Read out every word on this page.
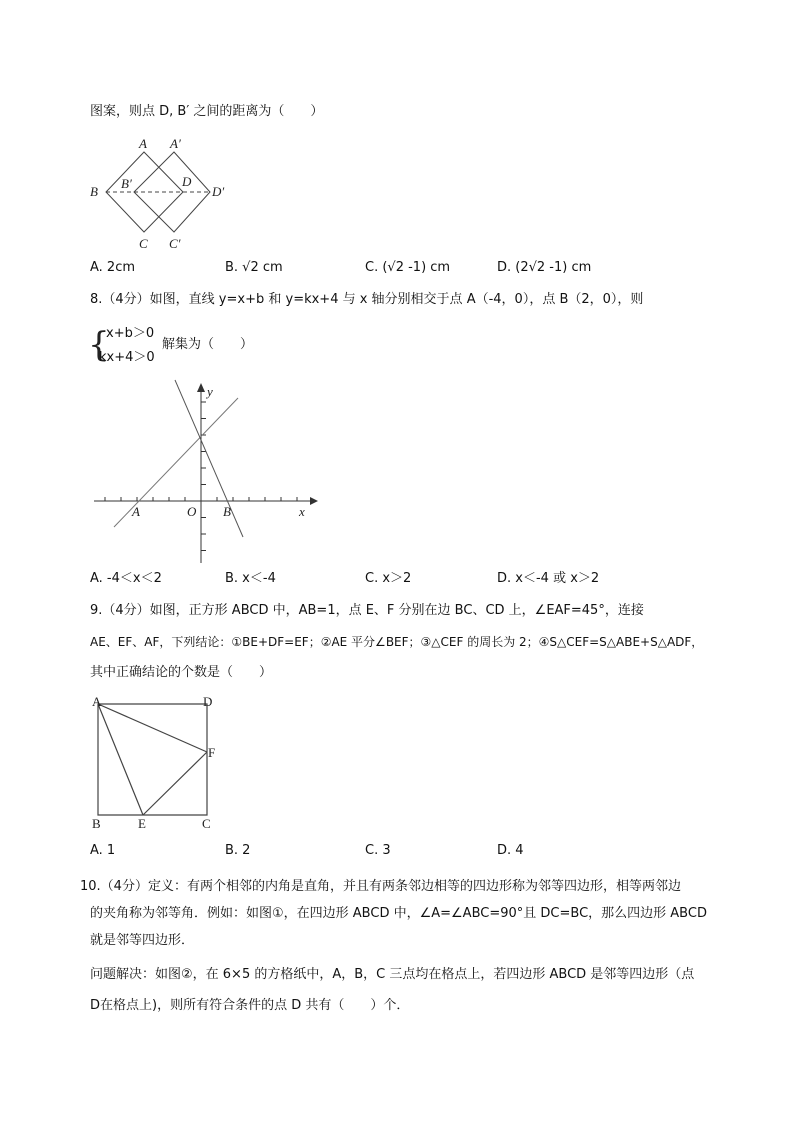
图案，则点 D, B′ 之间的距离为（　　）
A A′
B
B′	D
D′
C C′
A. 2cm	B. √2 cm	C. (√2 -1) cm	D. (2√2 -1) cm
8.（4分）如图，直线 y=x+b 和 y=kx+4 与 x 轴分别相交于点 A（-4，0），点 B（2，0），则
{
x+b＞0
kx+4＞0
解集为（　　）
y
x
O
A	B
A. -4＜x＜2	B. x＜-4	C. x＞2	D. x＜-4 或 x＞2
9.（4分）如图，正方形 ABCD 中，AB=1，点 E、F 分别在边 BC、CD 上，∠EAF=45°，连接
AE、EF、AF，下列结论：①BE+DF=EF；②AE 平分∠BEF；③△CEF 的周长为 2；④S△CEF=S△ABE+S△ADF，
其中正确结论的个数是（　　）
A	D
F
B	E	C
A. 1	B. 2	C. 3	D. 4
10.（4分）定义：有两个相邻的内角是直角，并且有两条邻边相等的四边形称为邻等四边形，相等两邻边
的夹角称为邻等角．例如：如图①，在四边形 ABCD 中，∠A=∠ABC=90°且 DC=BC，那么四边形 ABCD
就是邻等四边形．
问题解决：如图②，在 6×5 的方格纸中，A，B，C 三点均在格点上，若四边形 ABCD 是邻等四边形（点
D在格点上)，则所有符合条件的点 D 共有（　　）个．
